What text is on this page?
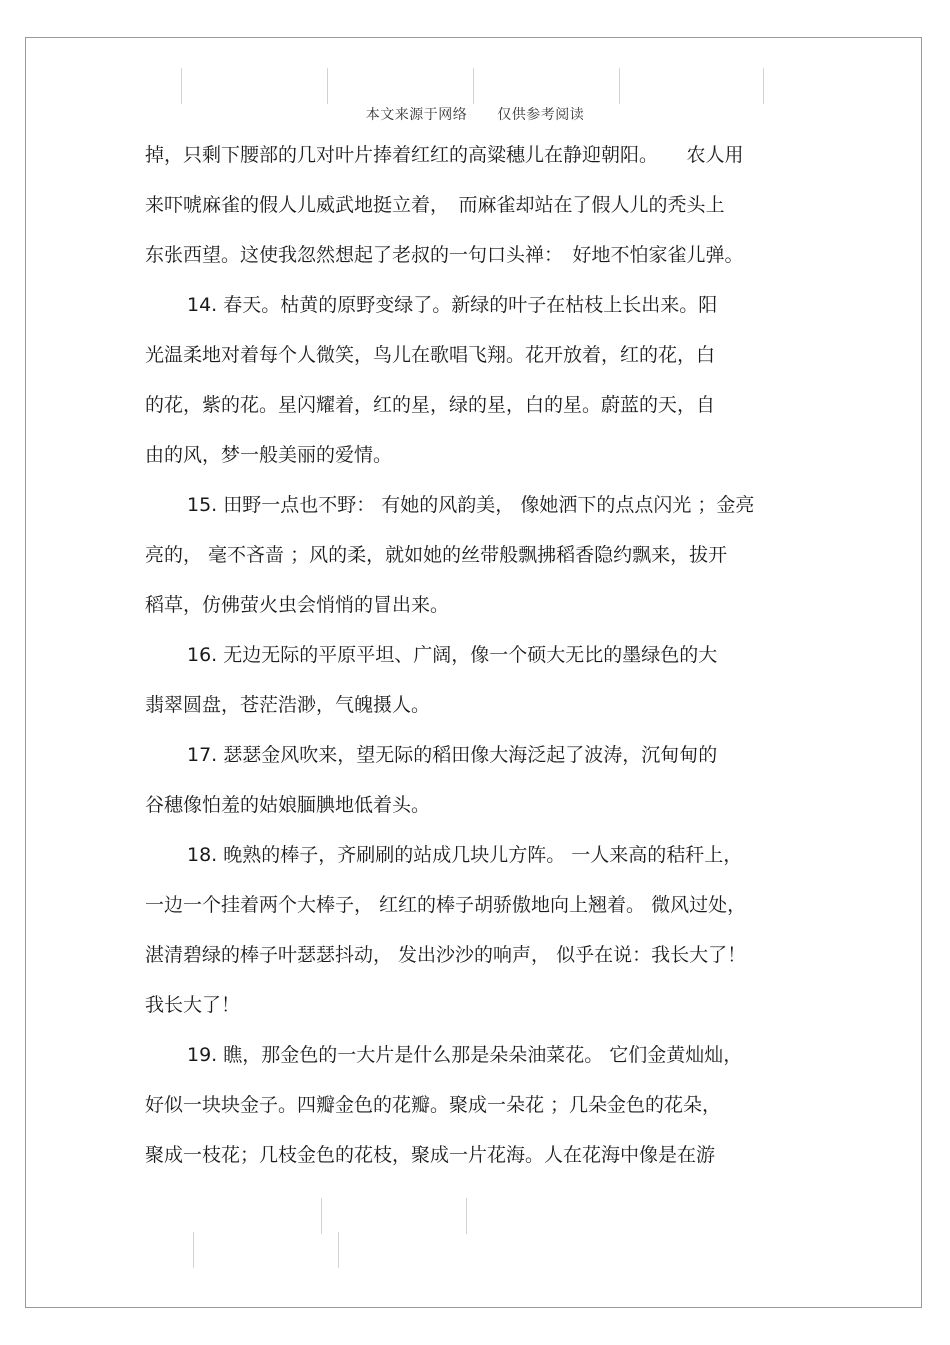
本文来源于网络 仅供参考阅读
掉，只剩下腰部的几对叶片捧着红红的高粱穗儿在静迎朝阳。　　农人用
来吓唬麻雀的假人儿威武地挺立着，　而麻雀却站在了假人儿的秃头上
东张西望。这使我忽然想起了老叔的一句口头禅：　好地不怕家雀儿弹。
14. 春天。枯黄的原野变绿了。新绿的叶子在枯枝上长出来。阳
光温柔地对着每个人微笑，鸟儿在歌唱飞翔。花开放着，红的花，白
的花，紫的花。星闪耀着，红的星，绿的星，白的星。蔚蓝的天，自
由的风，梦一般美丽的爱情。
15. 田野一点也不野： 有她的风韵美， 像她洒下的点点闪光 ；金亮
亮的， 毫不吝啬 ；风的柔，就如她的丝带般飘拂稻香隐约飘来，拔开
稻草，仿佛萤火虫会悄悄的冒出来。
16. 无边无际的平原平坦、广阔，像一个硕大无比的墨绿色的大
翡翠圆盘，苍茫浩渺，气魄摄人。
17. 瑟瑟金风吹来，望无际的稻田像大海泛起了波涛，沉甸甸的
谷穗像怕羞的姑娘腼腆地低着头。
18. 晚熟的棒子，齐刷刷的站成几块儿方阵。 一人来高的秸秆上，
一边一个挂着两个大棒子， 红红的棒子胡骄傲地向上翘着。 微风过处，
湛清碧绿的棒子叶瑟瑟抖动， 发出沙沙的响声， 似乎在说：我长大了！
我长大了！
19. 瞧，那金色的一大片是什么那是朵朵油菜花。 它们金黄灿灿，
好似一块块金子。四瓣金色的花瓣。聚成一朵花 ；几朵金色的花朵，
聚成一枝花；几枝金色的花枝，聚成一片花海。人在花海中像是在游
